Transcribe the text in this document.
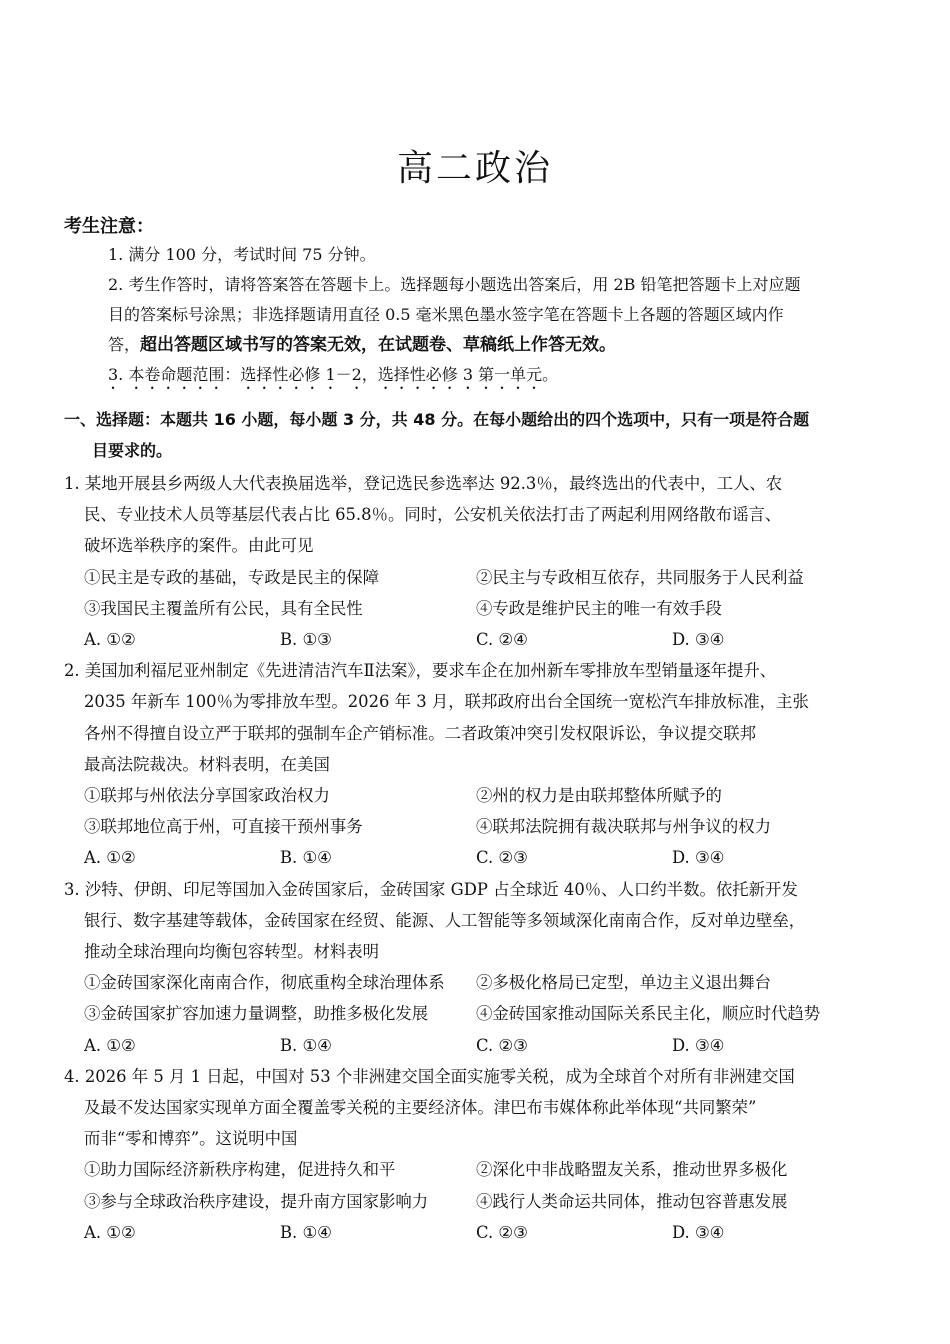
高二政治
考生注意：
1. 满分 100 分，考试时间 75 分钟。
2. 考生作答时，请将答案答在答题卡上。选择题每小题选出答案后，用 2B 铅笔把答题卡上对应题
目的答案标号涂黑；非选择题请用直径 0.5 毫米黑色墨水签字笔在答题卡上各题的答题区域内作
答，超出答题区域书写的答案无效，在试题卷、草稿纸上作答无效。
3. 本卷命题范围：选择性必修 1－2，选择性必修 3 第一单元。
一、选择题：本题共 16 小题，每小题 3 分，共 48 分。在每小题给出的四个选项中，只有一项是符合题
目要求的。
1. 某地开展县乡两级人大代表换届选举，登记选民参选率达 92.3％，最终选出的代表中，工人、农
民、专业技术人员等基层代表占比 65.8％。同时，公安机关依法打击了两起利用网络散布谣言、
破坏选举秩序的案件。由此可见
①民主是专政的基础，专政是民主的保障	②民主与专政相互依存，共同服务于人民利益
③我国民主覆盖所有公民，具有全民性	④专政是维护民主的唯一有效手段
A. ①②	B. ①③	C. ②④	D. ③④
2. 美国加利福尼亚州制定《先进清洁汽车Ⅱ法案》，要求车企在加州新车零排放车型销量逐年提升、
2035 年新车 100％为零排放车型。2026 年 3 月，联邦政府出台全国统一宽松汽车排放标准，主张
各州不得擅自设立严于联邦的强制车企产销标准。二者政策冲突引发权限诉讼，争议提交联邦
最高法院裁决。材料表明，在美国
①联邦与州依法分享国家政治权力	②州的权力是由联邦整体所赋予的
③联邦地位高于州，可直接干预州事务	④联邦法院拥有裁决联邦与州争议的权力
A. ①②	B. ①④	C. ②③	D. ③④
3. 沙特、伊朗、印尼等国加入金砖国家后，金砖国家 GDP 占全球近 40％、人口约半数。依托新开发
银行、数字基建等载体，金砖国家在经贸、能源、人工智能等多领域深化南南合作，反对单边壁垒，
推动全球治理向均衡包容转型。材料表明
①金砖国家深化南南合作，彻底重构全球治理体系	②多极化格局已定型，单边主义退出舞台
③金砖国家扩容加速力量调整，助推多极化发展	④金砖国家推动国际关系民主化，顺应时代趋势
A. ①②	B. ①④	C. ②③	D. ③④
4. 2026 年 5 月 1 日起，中国对 53 个非洲建交国全面实施零关税，成为全球首个对所有非洲建交国
及最不发达国家实现单方面全覆盖零关税的主要经济体。津巴布韦媒体称此举体现“共同繁荣”
而非“零和博弈”。这说明中国
①助力国际经济新秩序构建，促进持久和平	②深化中非战略盟友关系，推动世界多极化
③参与全球政治秩序建设，提升南方国家影响力	④践行人类命运共同体，推动包容普惠发展
A. ①②	B. ①④	C. ②③	D. ③④
